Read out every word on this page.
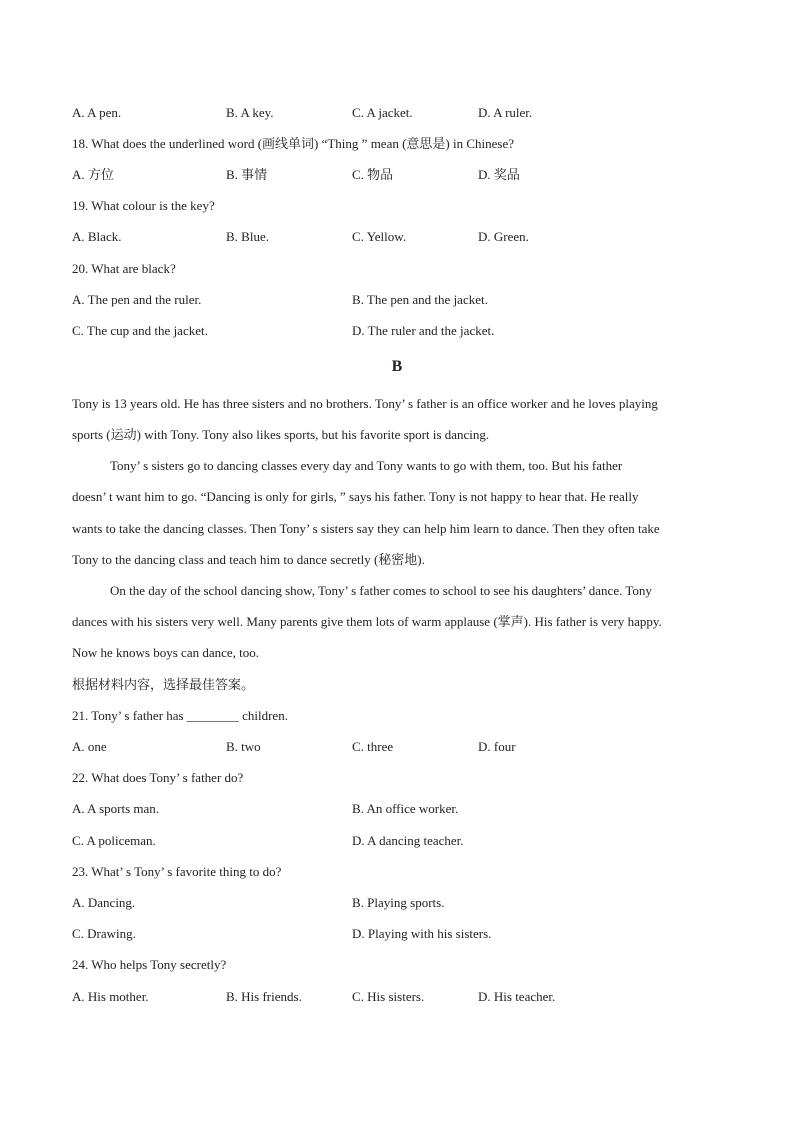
A. A pen.	B. A key.	C. A jacket.	D. A ruler.
18. What does the underlined word (画线单词) “Thing ” mean (意思是) in Chinese?
A. 方位	B. 事情	C. 物品	D. 奖品
19. What colour is the key?
A. Black.	B. Blue.	C. Yellow.	D. Green.
20. What are black?
A. The pen and the ruler.	B. The pen and the jacket.
C. The cup and the jacket.	D. The ruler and the jacket.
B
Tony is 13 years old. He has three sisters and no brothers. Tony’ s father is an office worker and he loves playing
sports (运动) with Tony. Tony also likes sports, but his favorite sport is dancing.
Tony’ s sisters go to dancing classes every day and Tony wants to go with them, too. But his father
doesn’ t want him to go. “Dancing is only for girls, ” says his father. Tony is not happy to hear that. He really
wants to take the dancing classes. Then Tony’ s sisters say they can help him learn to dance. Then they often take
Tony to the dancing class and teach him to dance secretly (秘密地).
On the day of the school dancing show, Tony’ s father comes to school to see his daughters’ dance. Tony
dances with his sisters very well. Many parents give them lots of warm applause (掌声). His father is very happy.
Now he knows boys can dance, too.
根据材料内容，选择最佳答案。
21. Tony’ s father has ________ children.
A. one	B. two	C. three	D. four
22. What does Tony’ s father do?
A. A sports man.	B. An office worker.
C. A policeman.	D. A dancing teacher.
23. What’ s Tony’ s favorite thing to do?
A. Dancing.	B. Playing sports.
C. Drawing.	D. Playing with his sisters.
24. Who helps Tony secretly?
A. His mother.	B. His friends.	C. His sisters.	D. His teacher.
